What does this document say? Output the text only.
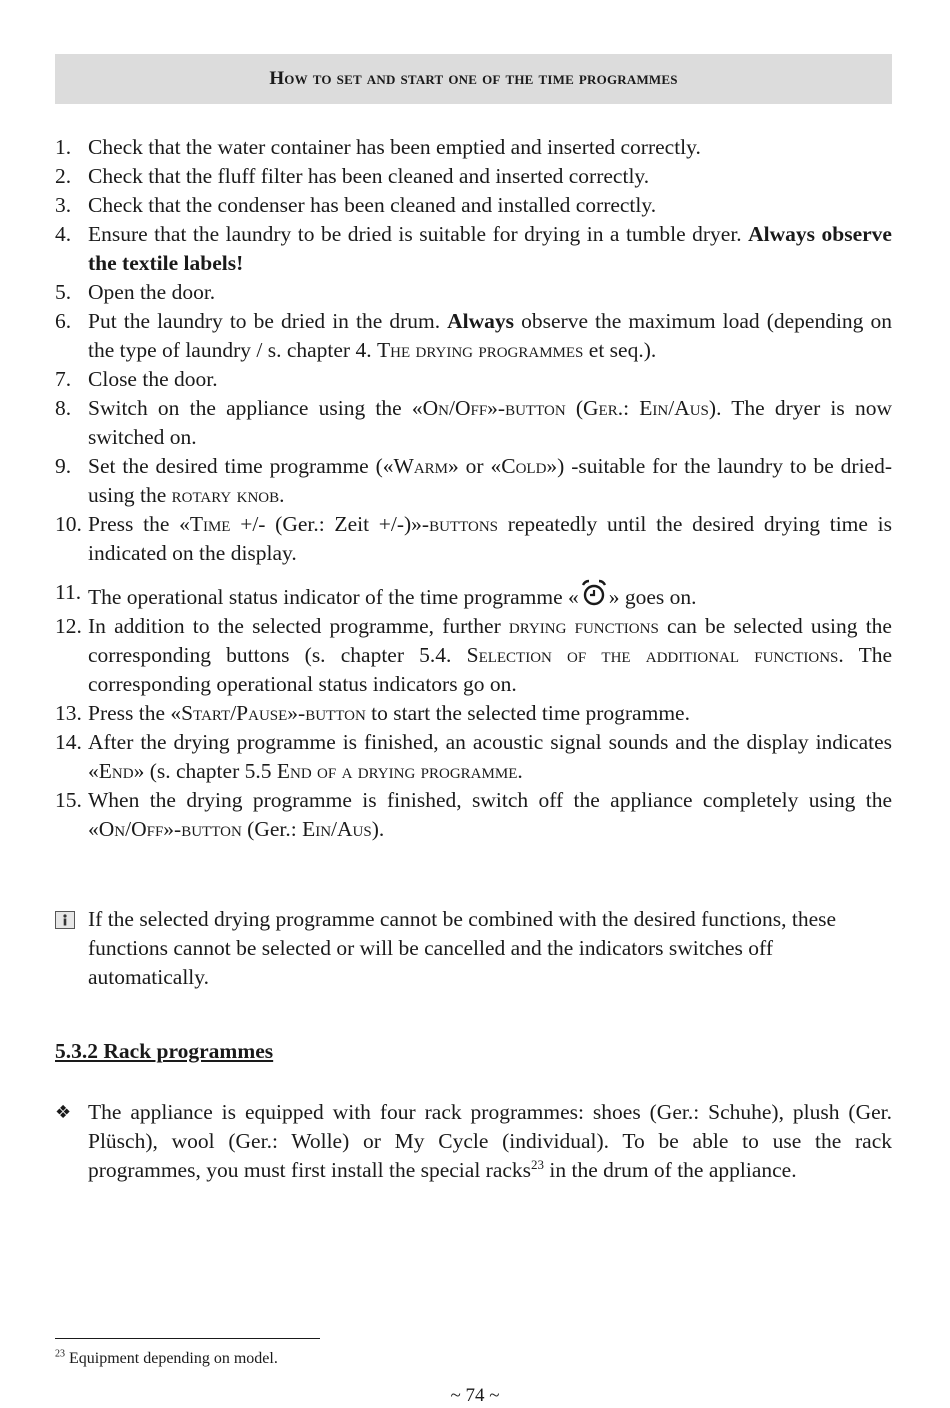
How to set and start one of the time programmes
1. Check that the water container has been emptied and inserted correctly.
2. Check that the fluff filter has been cleaned and inserted correctly.
3. Check that the condenser has been cleaned and installed correctly.
4. Ensure that the laundry to be dried is suitable for drying in a tumble dryer. Always observe the textile labels!
5. Open the door.
6. Put the laundry to be dried in the drum. Always observe the maximum load (depending on the type of laundry / s. chapter 4. The drying programmes et seq.).
7. Close the door.
8. Switch on the appliance using the «On/Off»-button (Ger.: Ein/Aus). The dryer is now switched on.
9. Set the desired time programme («Warm» or «Cold») -suitable for the laundry to be dried- using the rotary knob.
10. Press the «Time +/- (Ger.: Zeit +/-)»-buttons repeatedly until the desired drying time is indicated on the display.
11. The operational status indicator of the time programme « » goes on.
12. In addition to the selected programme, further drying functions can be selected using the corresponding buttons (s. chapter 5.4. Selection of the additional functions. The corresponding operational status indicators go on.
13. Press the «Start/Pause»-button to start the selected time programme.
14. After the drying programme is finished, an acoustic signal sounds and the display indicates «End» (s. chapter 5.5 End of a drying programme.
15. When the drying programme is finished, switch off the appliance completely using the «On/Off»-button (Ger.: Ein/Aus).
If the selected drying programme cannot be combined with the desired functions, these functions cannot be selected or will be cancelled and the indicators switches off automatically.
5.3.2 Rack programmes
❖ The appliance is equipped with four rack programmes: shoes (Ger.: Schuhe), plush (Ger. Plüsch), wool (Ger.: Wolle) or My Cycle (individual). To be able to use the rack programmes, you must first install the special racks$^{23}$ in the drum of the appliance.
$^{23}$ Equipment depending on model.
~ 74 ~
